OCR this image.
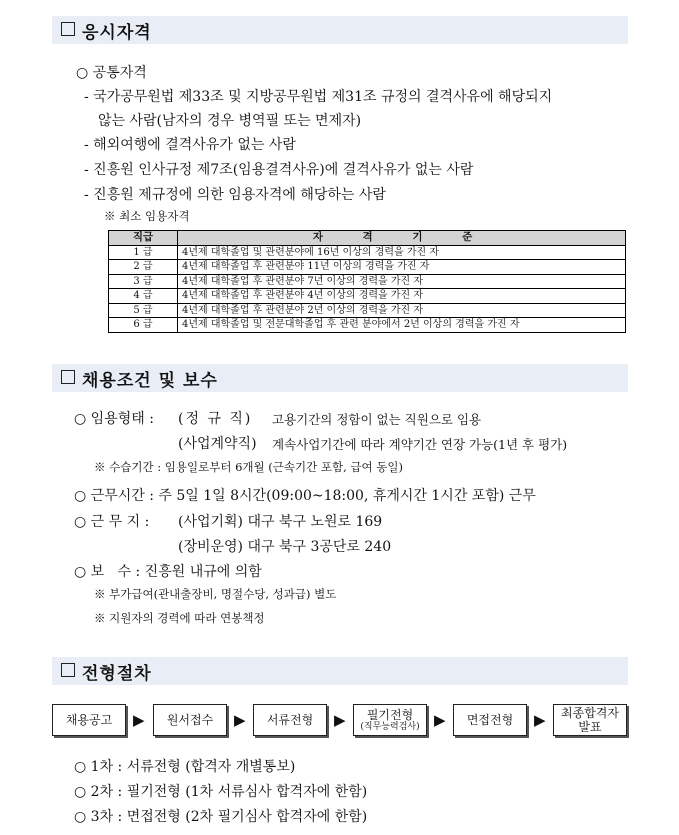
응시자격
○ 공통자격
- 국가공무원법 제33조 및 지방공무원법 제31조 규정의 결격사유에 해당되지
않는 사람(남자의 경우 병역필 또는 면제자)
- 해외여행에 결격사유가 없는 사람
- 진흥원 인사규정 제7조(임용결격사유)에 결격사유가 없는 사람
- 진흥원 제규정에 의한 임용자격에 해당하는 사람
※ 최소 임용자격
직급	자 격 기 준
1 급	4년제 대학졸업 및 관련분야에 16년 이상의 경력을 가진 자
2 급	4년제 대학졸업 후 관련분야 11년 이상의 경력을 가진 자
3 급	4년제 대학졸업 후 관련분야 7년 이상의 경력을 가진 자
4 급	4년제 대학졸업 후 관련분야 4년 이상의 경력을 가진 자
5 급	4년제 대학졸업 후 관련분야 2년 이상의 경력을 가진 자
6 급	4년제 대학졸업 및 전문대학졸업 후 관련 분야에서 2년 이상의 경력을 가진 자
채용조건 및 보수
○ 임용형태 : (정 규 직) 고용기간의 정함이 없는 직원으로 임용
(사업계약직) 계속사업기간에 따라 계약기간 연장 가능(1년 후 평가)
※ 수습기간 : 임용일로부터 6개월 (근속기간 포함, 급여 동일)
○ 근무시간 : 주 5일 1일 8시간(09:00~18:00, 휴게시간 1시간 포함) 근무
○ 근 무 지 : (사업기획) 대구 북구 노원로 169
(장비운영) 대구 북구 3공단로 240
○ 보   수 : 진흥원 내규에 의함
※ 부가급여(관내출장비, 명절수당, 성과급) 별도
※ 지원자의 경력에 따라 연봉책정
전형절차
채용공고 ▶ 원서접수 ▶ 서류전형 ▶ 필기전형
(직무능력검사) ▶ 면접전형 ▶ 최종합격자
발표
○ 1차 : 서류전형 (합격자 개별통보)
○ 2차 : 필기전형 (1차 서류심사 합격자에 한함)
○ 3차 : 면접전형 (2차 필기심사 합격자에 한함)
